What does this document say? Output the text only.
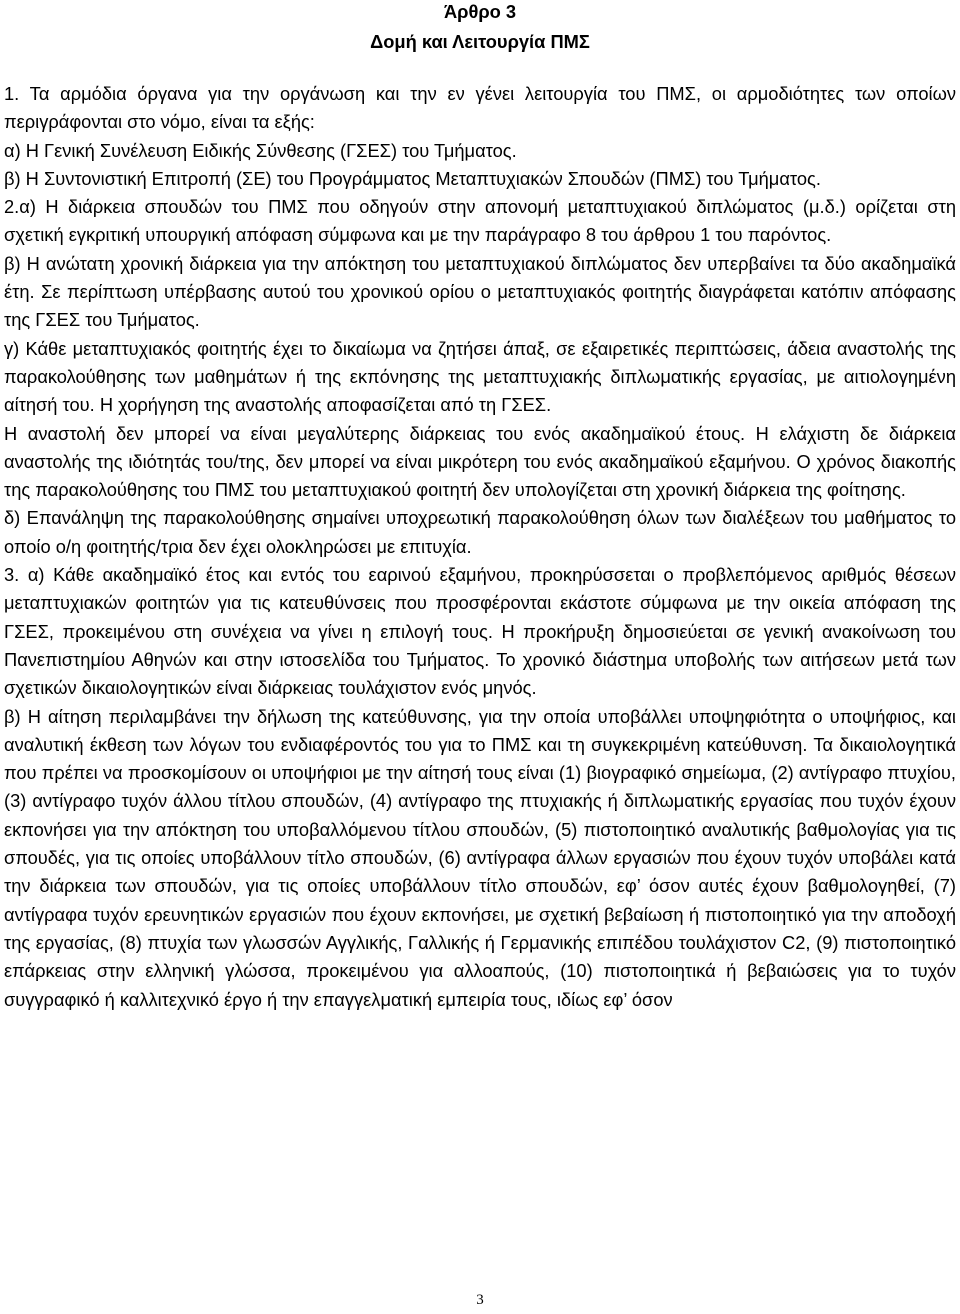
Άρθρο 3
Δομή και Λειτουργία ΠΜΣ

1. Τα αρμόδια όργανα για την οργάνωση και την εν γένει λειτουργία του ΠΜΣ, οι αρμοδιότητες των οποίων περιγράφονται στο νόμο, είναι τα εξής:

α) Η Γενική Συνέλευση Ειδικής Σύνθεσης (ΓΣΕΣ) του Τμήματος.

β) Η Συντονιστική Επιτροπή (ΣΕ) του Προγράμματος Μεταπτυχιακών Σπουδών (ΠΜΣ) του Τμήματος.

2.α) Η διάρκεια σπουδών του ΠΜΣ που οδηγούν στην απονομή μεταπτυχιακού διπλώματος (μ.δ.) ορίζεται στη σχετική εγκριτική υπουργική απόφαση σύμφωνα και με την παράγραφο 8 του άρθρου 1 του παρόντος.

β) Η ανώτατη χρονική διάρκεια για την απόκτηση του μεταπτυχιακού διπλώματος δεν υπερβαίνει τα δύο ακαδημαϊκά έτη. Σε περίπτωση υπέρβασης αυτού του χρονικού ορίου ο μεταπτυχιακός φοιτητής διαγράφεται κατόπιν απόφασης της ΓΣΕΣ του Τμήματος.

γ) Κάθε μεταπτυχιακός φοιτητής έχει το δικαίωμα να ζητήσει άπαξ, σε εξαιρετικές περιπτώσεις, άδεια αναστολής της παρακολούθησης των μαθημάτων ή της εκπόνησης της μεταπτυχιακής διπλωματικής εργασίας, με αιτιολογημένη αίτησή του. Η χορήγηση της αναστολής αποφασίζεται από τη ΓΣΕΣ.

Η αναστολή δεν μπορεί να είναι μεγαλύτερης διάρκειας του ενός ακαδημαϊκού έτους. Η ελάχιστη δε διάρκεια αναστολής της ιδιότητάς του/της, δεν μπορεί να είναι μικρότερη του ενός ακαδημαϊκού εξαμήνου. Ο χρόνος διακοπής της παρακολούθησης του ΠΜΣ του μεταπτυχιακού φοιτητή δεν υπολογίζεται στη χρονική διάρκεια της φοίτησης.

δ) Επανάληψη της παρακολούθησης σημαίνει υποχρεωτική παρακολούθηση όλων των διαλέξεων του μαθήματος το οποίο ο/η φοιτητής/τρια δεν έχει ολοκληρώσει με επιτυχία.

3. α) Κάθε ακαδημαϊκό έτος και εντός του εαρινού εξαμήνου, προκηρύσσεται ο προβλεπόμενος αριθμός θέσεων μεταπτυχιακών φοιτητών για τις κατευθύνσεις που προσφέρονται εκάστοτε σύμφωνα με την οικεία απόφαση της ΓΣΕΣ, προκειμένου στη συνέχεια να γίνει η επιλογή τους. Η προκήρυξη δημοσιεύεται σε γενική ανακοίνωση του Πανεπιστημίου Αθηνών και στην ιστοσελίδα του Τμήματος. Το χρονικό διάστημα υποβολής των αιτήσεων μετά των σχετικών δικαιολογητικών είναι διάρκειας τουλάχιστον ενός μηνός.

β) Η αίτηση περιλαμβάνει την δήλωση της κατεύθυνσης, για την οποία υποβάλλει υποψηφιότητα ο υποψήφιος, και αναλυτική έκθεση των λόγων του ενδιαφέροντός του για το ΠΜΣ και τη συγκεκριμένη κατεύθυνση. Τα δικαιολογητικά που πρέπει να προσκομίσουν οι υποψήφιοι με την αίτησή τους είναι (1) βιογραφικό σημείωμα, (2) αντίγραφο πτυχίου, (3) αντίγραφο τυχόν άλλου τίτλου σπουδών, (4) αντίγραφο της πτυχιακής ή διπλωματικής εργασίας που τυχόν έχουν εκπονήσει για την απόκτηση του υποβαλλόμενου τίτλου σπουδών, (5) πιστοποιητικό αναλυτικής βαθμολογίας για τις σπουδές, για τις οποίες υποβάλλουν τίτλο σπουδών, (6) αντίγραφα άλλων εργασιών που έχουν τυχόν υποβάλει κατά την διάρκεια των σπουδών, για τις οποίες υποβάλλουν τίτλο σπουδών, εφ’ όσον αυτές έχουν βαθμολογηθεί, (7) αντίγραφα τυχόν ερευνητικών εργασιών που έχουν εκπονήσει, με σχετική βεβαίωση ή πιστοποιητικό για την αποδοχή της εργασίας, (8) πτυχία των γλωσσών Αγγλικής, Γαλλικής ή Γερμανικής επιπέδου τουλάχιστον C2, (9) πιστοποιητικό επάρκειας στην ελληνική γλώσσα, προκειμένου για αλλοαπούς, (10) πιστοποιητικά ή βεβαιώσεις για το τυχόν συγγραφικό ή καλλιτεχνικό έργο ή την επαγγελματική εμπειρία τους, ιδίως εφ’ όσον

3
